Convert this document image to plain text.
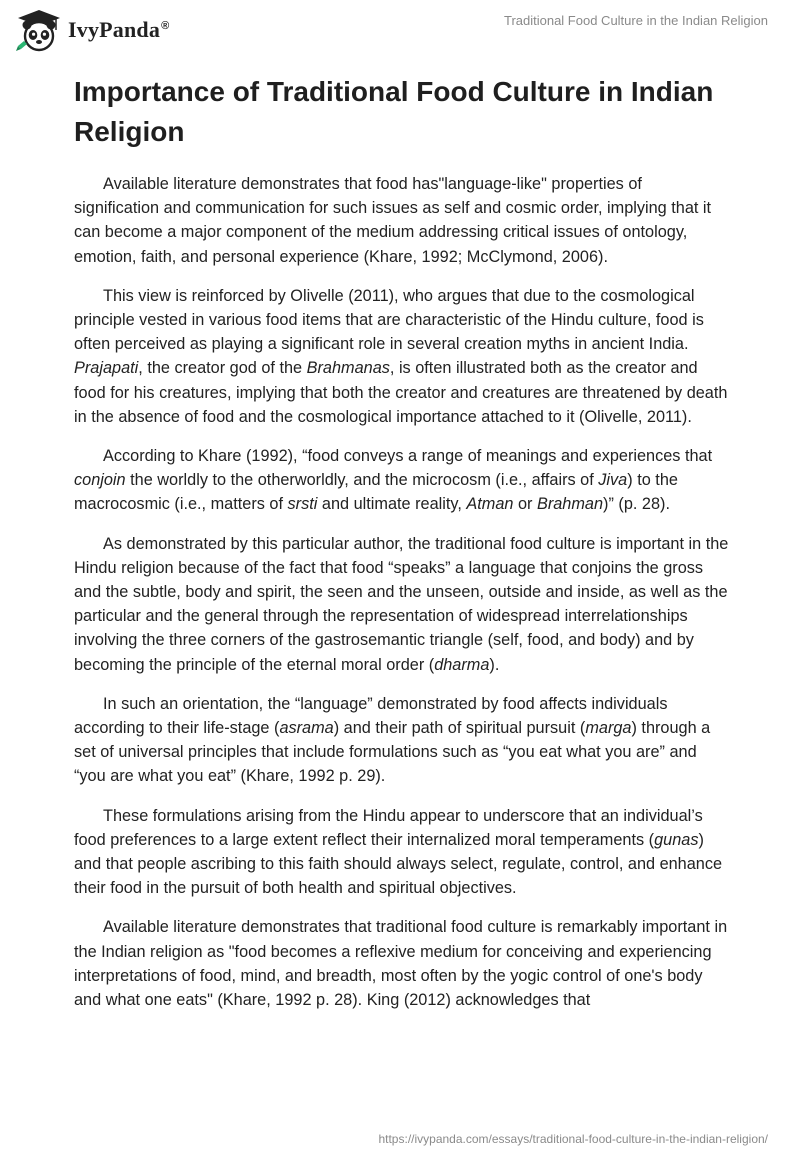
IvyPanda®	Traditional Food Culture in the Indian Religion
Importance of Traditional Food Culture in Indian Religion

Available literature demonstrates that food has"language-like" properties of signification and communication for such issues as self and cosmic order, implying that it can become a major component of the medium addressing critical issues of ontology, emotion, faith, and personal experience (Khare, 1992; McClymond, 2006).

This view is reinforced by Olivelle (2011), who argues that due to the cosmological principle vested in various food items that are characteristic of the Hindu culture, food is often perceived as playing a significant role in several creation myths in ancient India. Prajapati, the creator god of the Brahmanas, is often illustrated both as the creator and food for his creatures, implying that both the creator and creatures are threatened by death in the absence of food and the cosmological importance attached to it (Olivelle, 2011).

According to Khare (1992), “food conveys a range of meanings and experiences that conjoin the worldly to the otherworldly, and the microcosm (i.e., affairs of Jiva) to the macrocosmic (i.e., matters of srsti and ultimate reality, Atman or Brahman)” (p. 28).

As demonstrated by this particular author, the traditional food culture is important in the Hindu religion because of the fact that food “speaks” a language that conjoins the gross and the subtle, body and spirit, the seen and the unseen, outside and inside, as well as the particular and the general through the representation of widespread interrelationships involving the three corners of the gastrosemantic triangle (self, food, and body) and by becoming the principle of the eternal moral order (dharma).

In such an orientation, the “language” demonstrated by food affects individuals according to their life-stage (asrama) and their path of spiritual pursuit (marga) through a set of universal principles that include formulations such as “you eat what you are” and “you are what you eat” (Khare, 1992 p. 29).

These formulations arising from the Hindu appear to underscore that an individual’s food preferences to a large extent reflect their internalized moral temperaments (gunas) and that people ascribing to this faith should always select, regulate, control, and enhance their food in the pursuit of both health and spiritual objectives.

Available literature demonstrates that traditional food culture is remarkably important in the Indian religion as "food becomes a reflexive medium for conceiving and experiencing interpretations of food, mind, and breadth, most often by the yogic control of one's body and what one eats" (Khare, 1992 p. 28). King (2012) acknowledges that

https://ivypanda.com/essays/traditional-food-culture-in-the-indian-religion/
